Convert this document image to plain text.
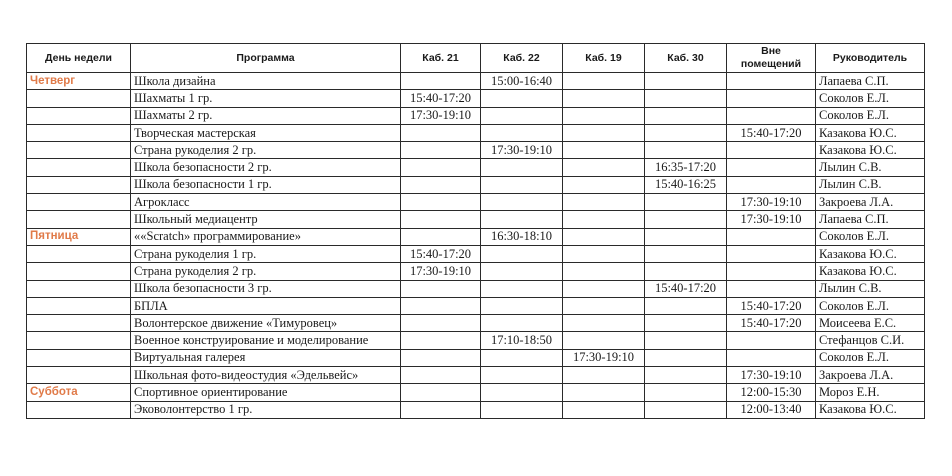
День недели	Программа	Каб. 21	Каб. 22	Каб. 19	Каб. 30	Вне помещений	Руководитель
Четверг	Школа дизайна		15:00-16:40				Лапаева С.П.
	Шахматы 1 гр.	15:40-17:20					Соколов Е.Л.
	Шахматы 2 гр.	17:30-19:10					Соколов Е.Л.
	Творческая мастерская					15:40-17:20	Казакова Ю.С.
	Страна рукоделия 2 гр.		17:30-19:10				Казакова Ю.С.
	Школа безопасности 2 гр.				16:35-17:20		Лылин С.В.
	Школа безопасности 1 гр.				15:40-16:25		Лылин С.В.
	Агрокласс					17:30-19:10	Закроева Л.А.
	Школьный медиацентр					17:30-19:10	Лапаева С.П.
Пятница	««Scratch» программирование»		16:30-18:10				Соколов Е.Л.
	Страна рукоделия 1 гр.	15:40-17:20					Казакова Ю.С.
	Страна рукоделия 2 гр.	17:30-19:10					Казакова Ю.С.
	Школа безопасности 3 гр.				15:40-17:20		Лылин С.В.
	БПЛА					15:40-17:20	Соколов Е.Л.
	Волонтерское движение «Тимуровец»					15:40-17:20	Моисеева Е.С.
	Военное конструирование и моделирование		17:10-18:50				Стефанцов С.И.
	Виртуальная галерея			17:30-19:10			Соколов Е.Л.
	Школьная фото-видеостудия «Эдельвейс»					17:30-19:10	Закроева Л.А.
Суббота	Спортивное ориентирование					12:00-15:30	Мороз Е.Н.
	Эковолонтерство 1 гр.					12:00-13:40	Казакова Ю.С.
